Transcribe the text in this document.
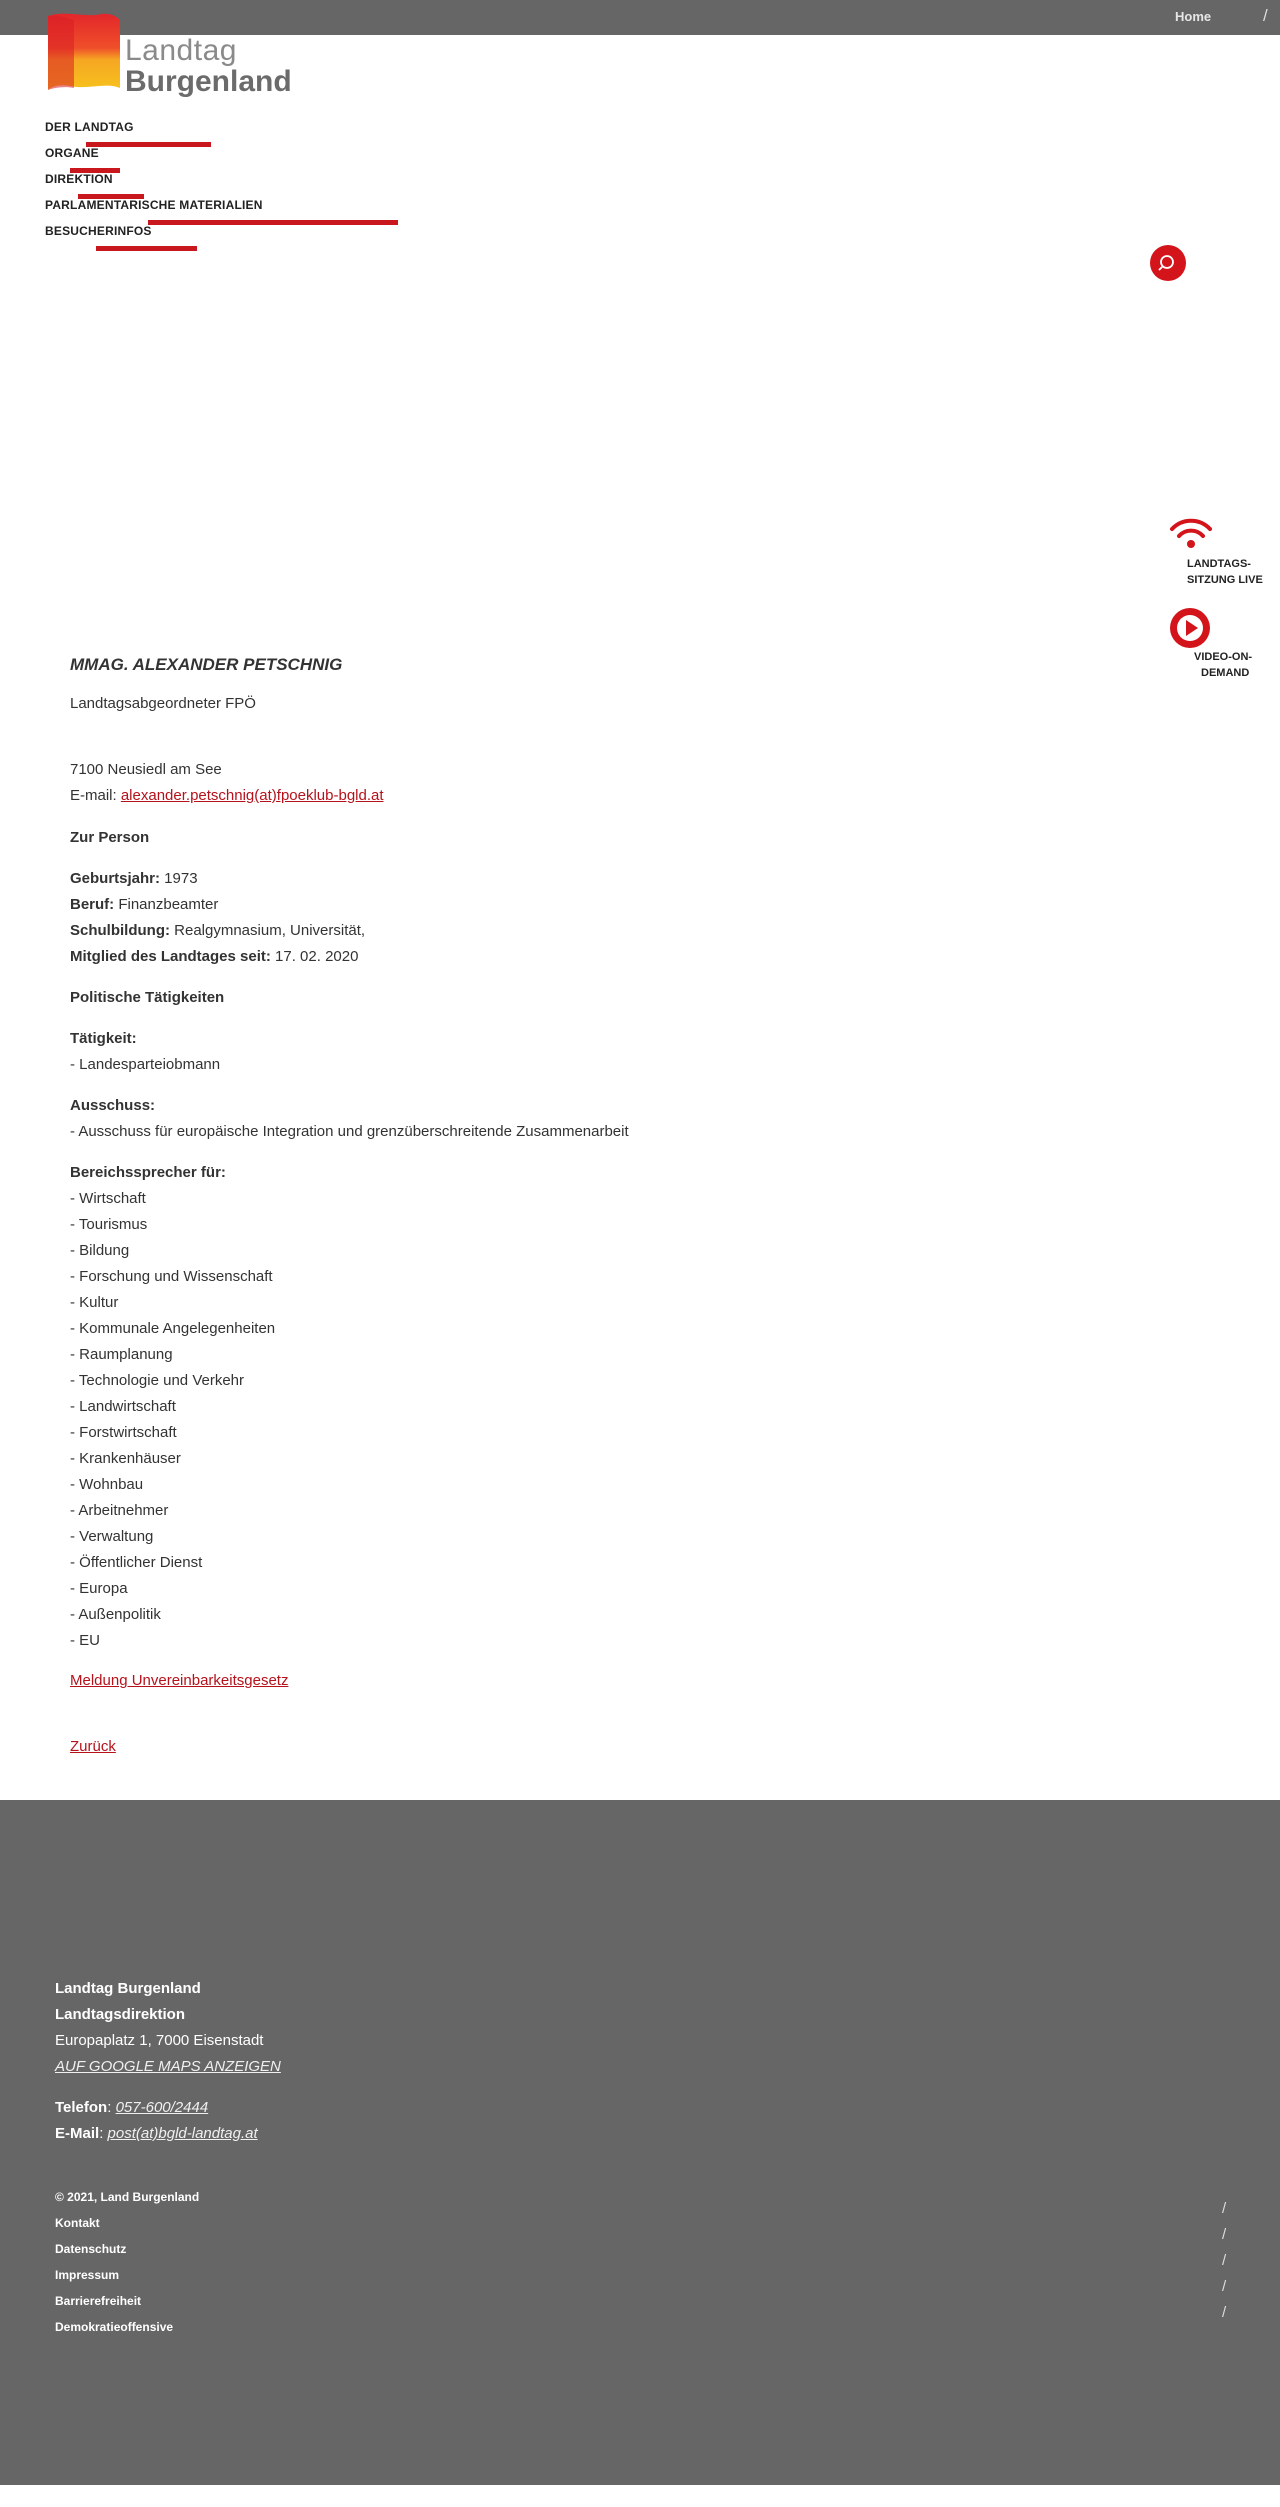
Home	/
Landtag
Burgenland
DER LANDTAG
ORGANE
DIREKTION
PARLAMENTARISCHE MATERIALIEN
BESUCHERINFOS
LANDTAGS-
SITZUNG LIVE
VIDEO-ON-
DEMAND
MMAG. ALEXANDER PETSCHNIG
Landtagsabgeordneter FPÖ
7100 Neusiedl am See
E-mail: alexander.petschnig(at)fpoeklub-bgld.at
Zur Person
Geburtsjahr: 1973
Beruf: Finanzbeamter
Schulbildung: Realgymnasium, Universität,
Mitglied des Landtages seit: 17. 02. 2020
Politische Tätigkeiten
Tätigkeit:
- Landesparteiobmann
Ausschuss:
- Ausschuss für europäische Integration und grenzüberschreitende Zusammenarbeit
Bereichssprecher für:
- Wirtschaft
- Tourismus
- Bildung
- Forschung und Wissenschaft
- Kultur
- Kommunale Angelegenheiten
- Raumplanung
- Technologie und Verkehr
- Landwirtschaft
- Forstwirtschaft
- Krankenhäuser
- Wohnbau
- Arbeitnehmer
- Verwaltung
- Öffentlicher Dienst
- Europa
- Außenpolitik
- EU
Meldung Unvereinbarkeitsgesetz
Zurück
Landtag Burgenland
Landtagsdirektion
Europaplatz 1, 7000 Eisenstadt
AUF GOOGLE MAPS ANZEIGEN
Telefon: 057-600/2444
E-Mail: post(at)bgld-landtag.at
© 2021, Land Burgenland
Kontakt
Datenschutz
Impressum
Barrierefreiheit
Demokratieoffensive
/
/
/
/
/
